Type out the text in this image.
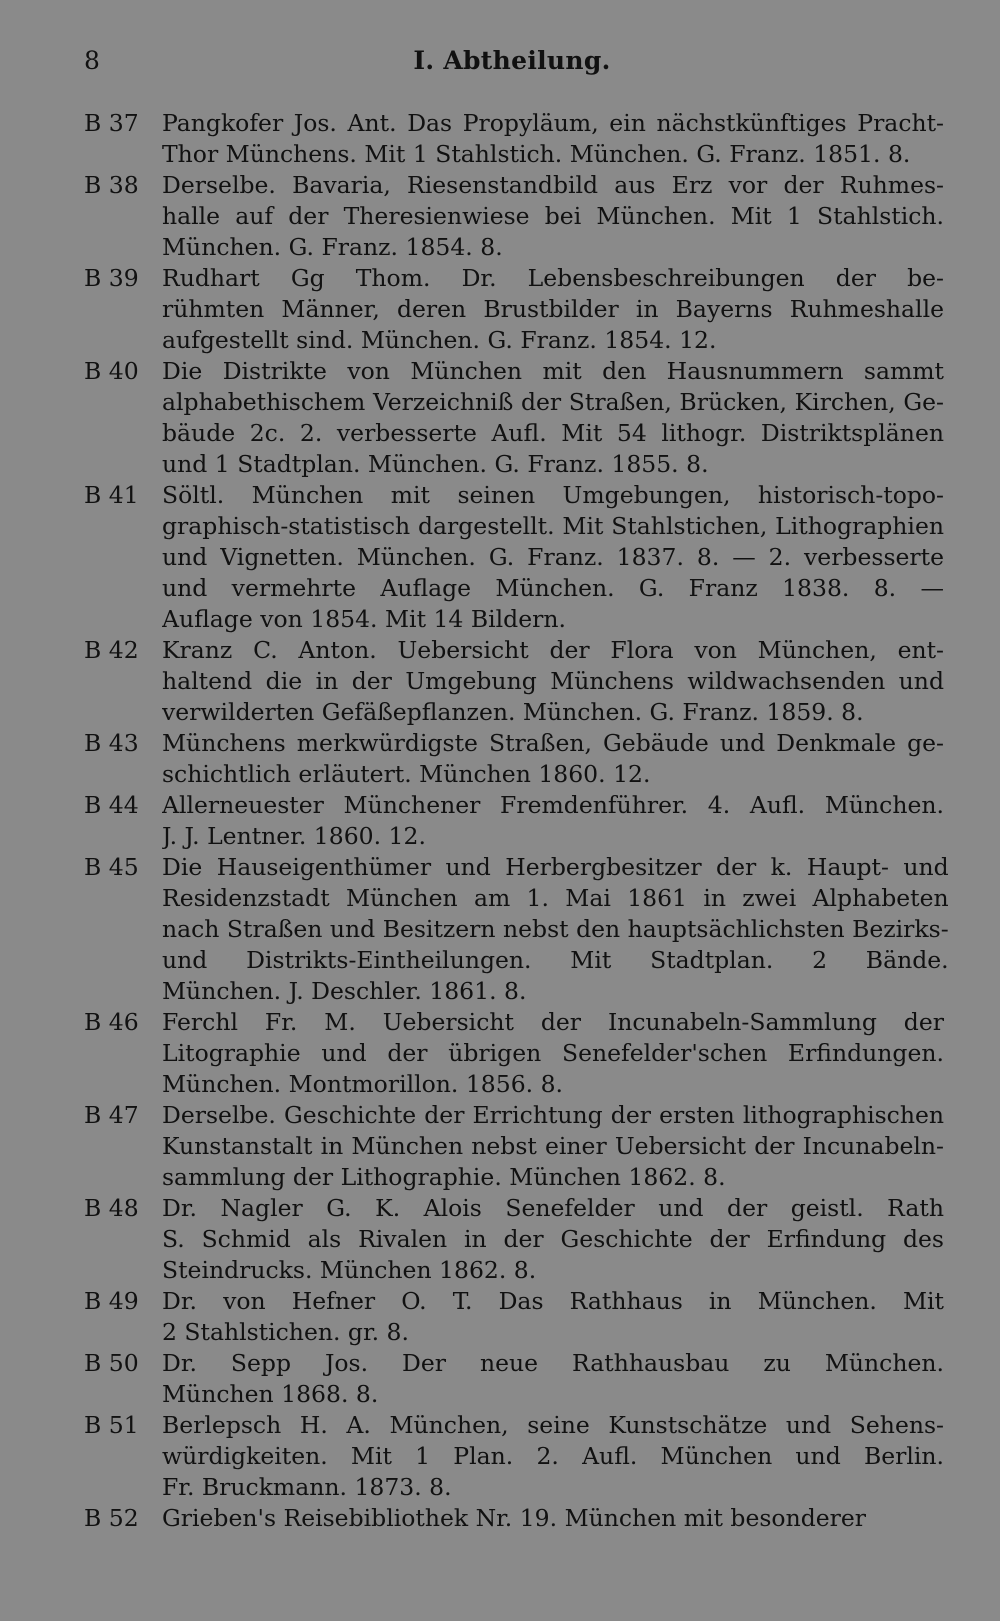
8	I. Abtheilung.
B 37 Pangkofer Jos. Ant. Das Propyläum, ein nächstkünftiges Pracht-
Thor Münchens. Mit 1 Stahlstich. München. G. Franz. 1851. 8.
B 38 Derselbe. Bavaria, Riesenstandbild aus Erz vor der Ruhmes-
halle auf der Theresienwiese bei München. Mit 1 Stahlstich.
München. G. Franz. 1854. 8.
B 39 Rudhart Gg Thom. Dr. Lebensbeschreibungen der be-
rühmten Männer, deren Brustbilder in Bayerns Ruhmeshalle
aufgestellt sind. München. G. Franz. 1854. 12.
B 40 Die Distrikte von München mit den Hausnummern sammt
alphabethischem Verzeichniß der Straßen, Brücken, Kirchen, Ge-
bäude 2c. 2. verbesserte Aufl. Mit 54 lithogr. Distriktsplänen
und 1 Stadtplan. München. G. Franz. 1855. 8.
B 41 Söltl. München mit seinen Umgebungen, historisch-topo-
graphisch-statistisch dargestellt. Mit Stahlstichen, Lithographien
und Vignetten. München. G. Franz. 1837. 8. — 2. verbesserte
und vermehrte Auflage München. G. Franz 1838. 8. —
Auflage von 1854. Mit 14 Bildern.
B 42 Kranz C. Anton. Uebersicht der Flora von München, ent-
haltend die in der Umgebung Münchens wildwachsenden und
verwilderten Gefäßepflanzen. München. G. Franz. 1859. 8.
B 43 Münchens merkwürdigste Straßen, Gebäude und Denkmale ge-
schichtlich erläutert. München 1860. 12.
B 44 Allerneuester Münchener Fremdenführer. 4. Aufl. München.
J. J. Lentner. 1860. 12.
B 45 Die Hauseigenthümer und Herbergbesitzer der k. Haupt- und
Residenzstadt München am 1. Mai 1861 in zwei Alphabeten
nach Straßen und Besitzern nebst den hauptsächlichsten Bezirks-
und Distrikts-Eintheilungen. Mit Stadtplan. 2 Bände.
München. J. Deschler. 1861. 8.
B 46 Ferchl Fr. M. Uebersicht der Incunabeln-Sammlung der
Litographie und der übrigen Senefelder'schen Erfindungen.
München. Montmorillon. 1856. 8.
B 47 Derselbe. Geschichte der Errichtung der ersten lithographischen
Kunstanstalt in München nebst einer Uebersicht der Incunabeln-
sammlung der Lithographie. München 1862. 8.
B 48 Dr. Nagler G. K. Alois Senefelder und der geistl. Rath
S. Schmid als Rivalen in der Geschichte der Erfindung des
Steindrucks. München 1862. 8.
B 49 Dr. von Hefner O. T. Das Rathhaus in München. Mit
2 Stahlstichen. gr. 8.
B 50 Dr. Sepp Jos. Der neue Rathhausbau zu München.
München 1868. 8.
B 51 Berlepsch H. A. München, seine Kunstschätze und Sehens-
würdigkeiten. Mit 1 Plan. 2. Aufl. München und Berlin.
Fr. Bruckmann. 1873. 8.
B 52 Grieben's Reisebibliothek Nr. 19. München mit besonderer
